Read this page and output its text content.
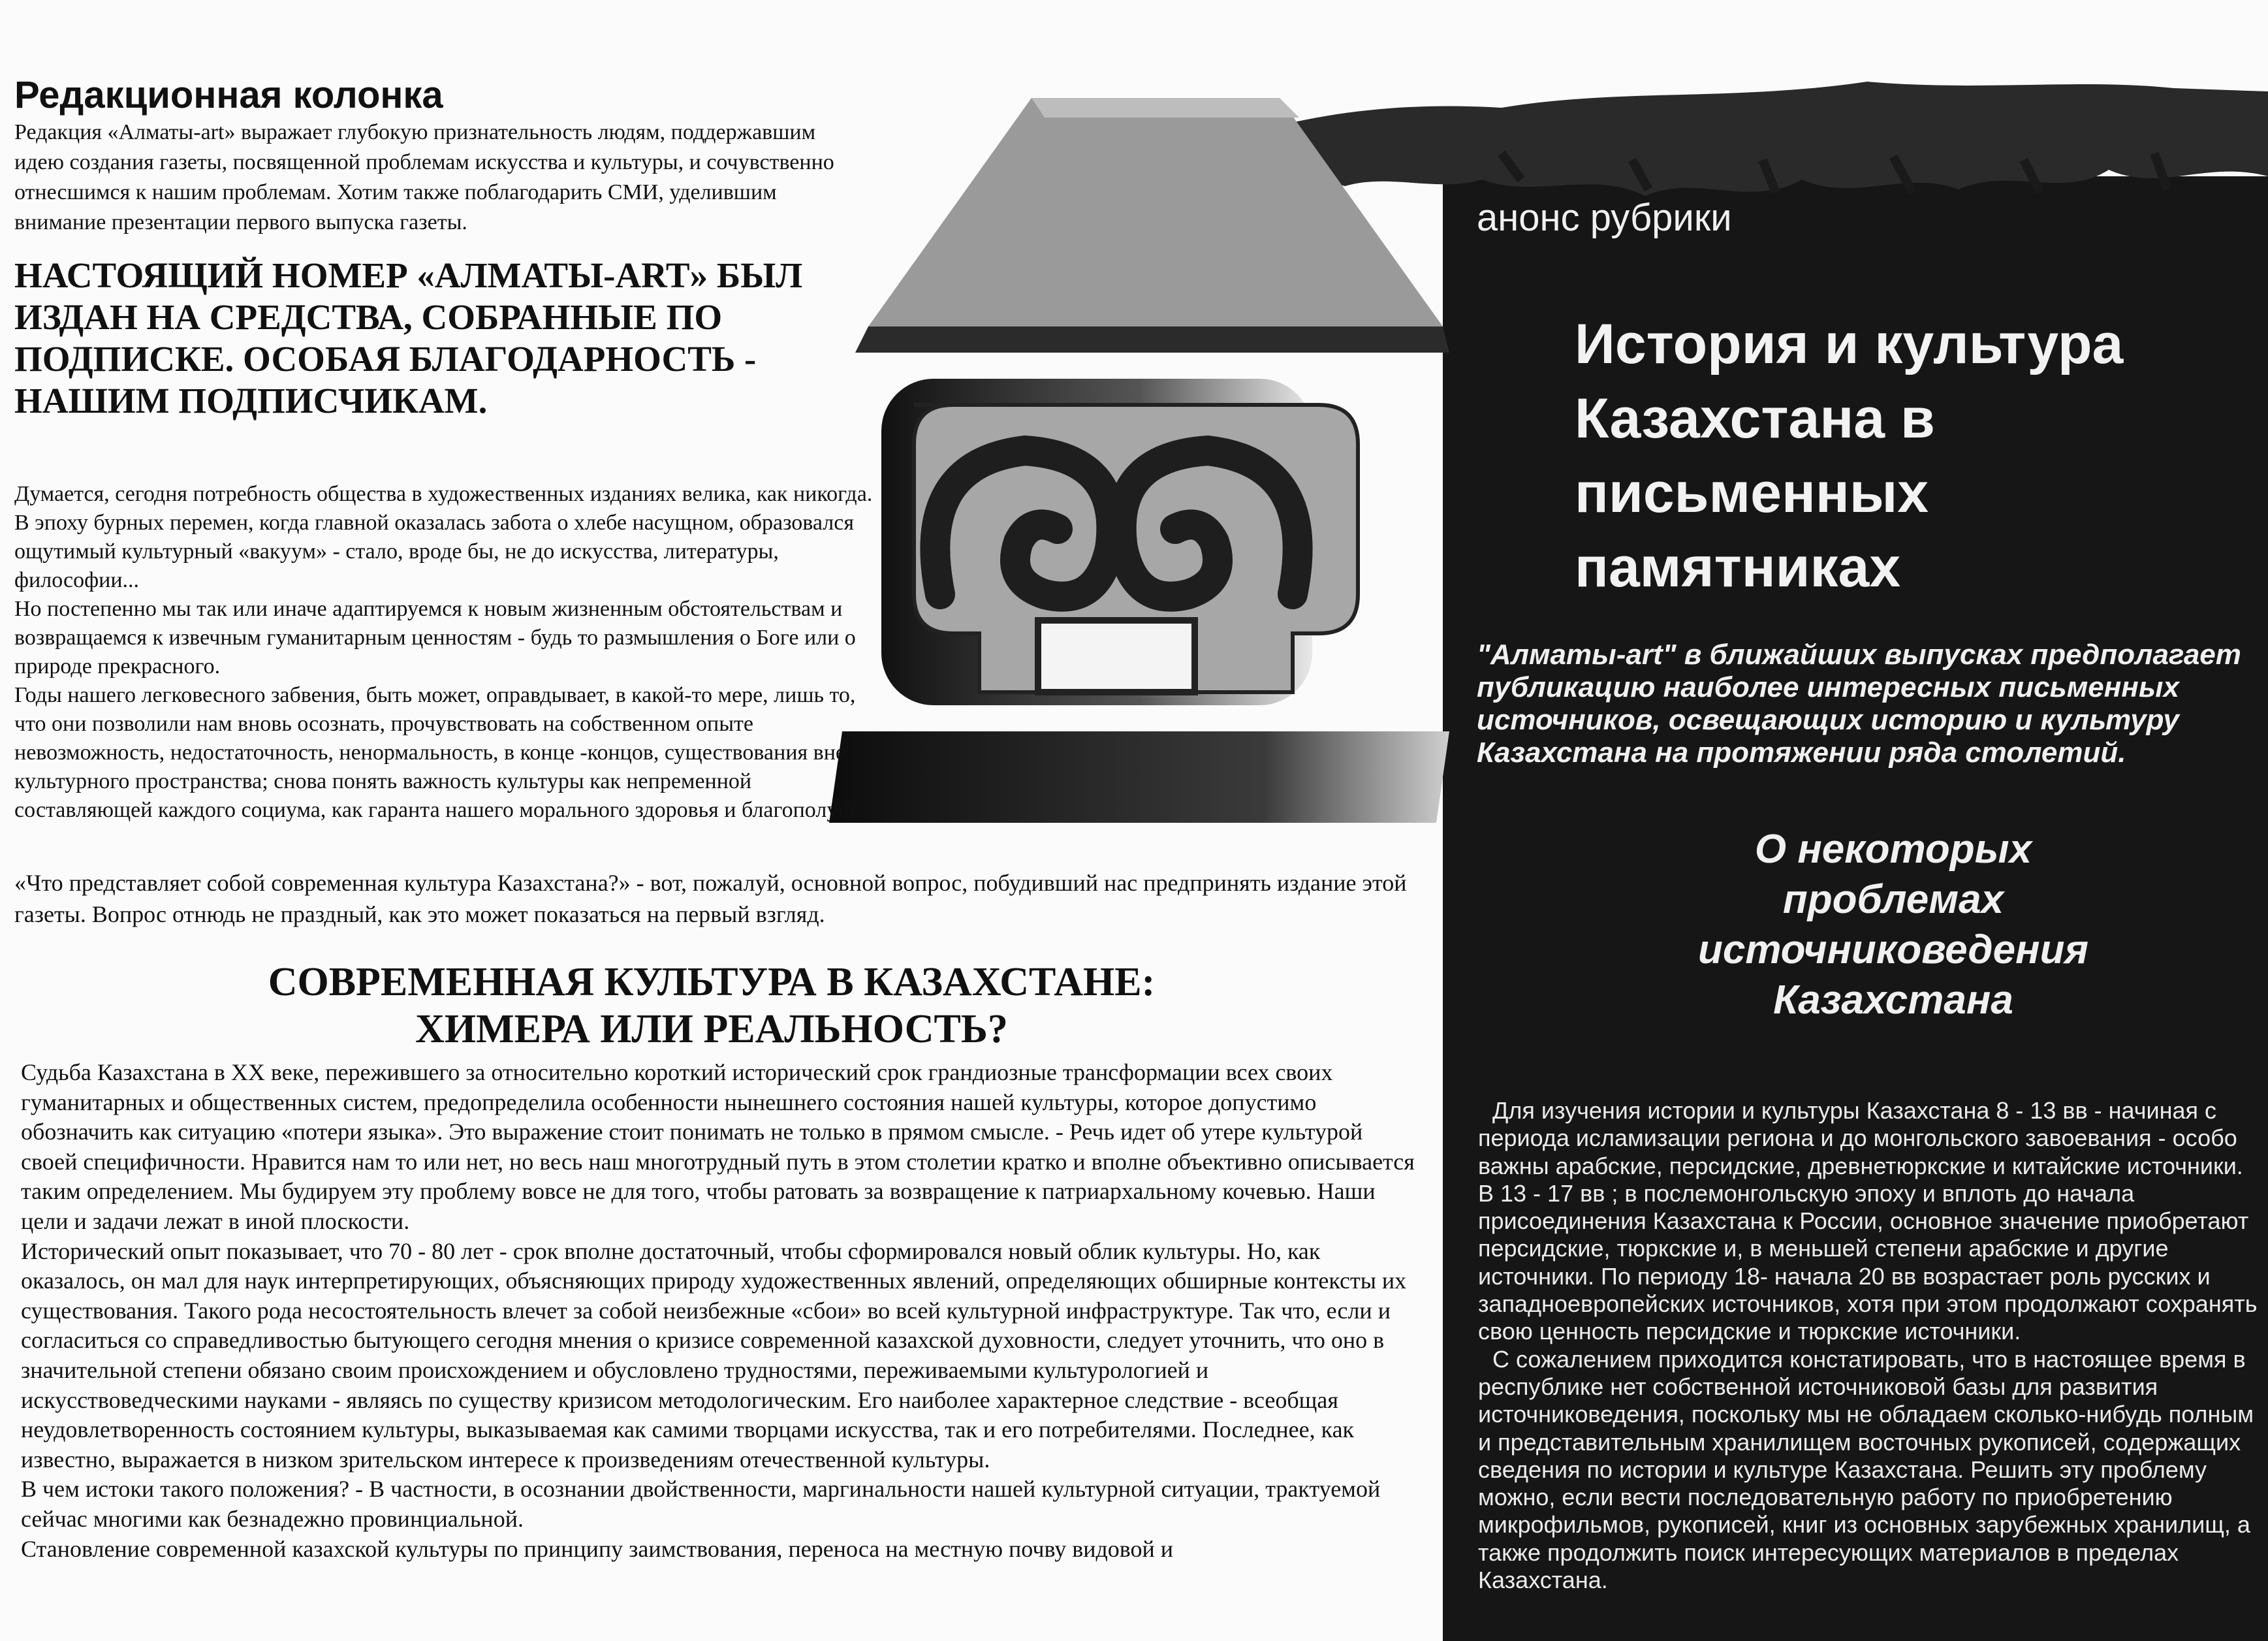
Редакционная колонка
Редакция «Алматы-art» выражает глубокую признательность людям, поддержавшим идею создания газеты, посвященной проблемам искусства и культуры, и сочувственно отнесшимся к нашим проблемам. Хотим также поблагодарить СМИ, уделившим внимание презентации первого выпуска газеты.
НАСТОЯЩИЙ НОМЕР «АЛМАТЫ-ART» БЫЛ ИЗДАН НА СРЕДСТВА, СОБРАННЫЕ ПО ПОДПИСКЕ. ОСОБАЯ БЛАГОДАРНОСТЬ - НАШИМ ПОДПИСЧИКАМ.

Думается, сегодня потребность общества в художественных изданиях велика, как никогда. В эпоху бурных перемен, когда главной оказалась забота о хлебе насущном, образовался ощутимый культурный «вакуум» - стало, вроде бы, не до искусства, литературы, философии...

Но постепенно мы так или иначе адаптируемся к новым жизненным обстоятельствам и возвращаемся к извечным гуманитарным ценностям - будь то размышления о Боге или о природе прекрасного.

Годы нашего легковесного забвения, быть может, оправдывает, в какой-то мере, лишь то, что они позволили нам вновь осознать, прочувствовать на собственном опыте невозможность, недостаточность, ненормальность, в конце -концов, существования вне культурного пространства; снова понять важность культуры как непременной составляющей каждого социума, как гаранта нашего морального здоровья и благополучия.

«Что представляет собой современная культура Казахстана?» - вот, пожалуй, основной вопрос, побудивший нас предпринять издание этой газеты. Вопрос отнюдь не праздный, как это может показаться на первый взгляд.
СОВРЕМЕННАЯ КУЛЬТУРА В КАЗАХСТАНЕ:
ХИМЕРА ИЛИ РЕАЛЬНОСТЬ?

Судьба Казахстана в ХХ веке, пережившего за относительно короткий исторический срок грандиозные трансформации всех своих гуманитарных и общественных систем, предопределила особенности нынешнего состояния нашей культуры, которое допустимо обозначить как ситуацию «потери языка». Это выражение стоит понимать не только в прямом смысле. - Речь идет об утере культурой своей специфичности. Нравится нам то или нет, но весь наш многотрудный путь в этом столетии кратко и вполне объективно описывается таким определением. Мы будируем эту проблему вовсе не для того, чтобы ратовать за возвращение к патриархальному кочевью. Наши цели и задачи лежат в иной плоскости.

Исторический опыт показывает, что 70 - 80 лет - срок вполне достаточный, чтобы сформировался новый облик культуры. Но, как оказалось, он мал для наук интерпретирующих, объясняющих природу художественных явлений, определяющих обширные контексты их существования. Такого рода несостоятельность влечет за собой неизбежные «сбои» во всей культурной инфраструктуре. Так что, если и согласиться со справедливостью бытующего сегодня мнения о кризисе современной казахской духовности, следует уточнить, что оно в значительной степени обязано своим происхождением и обусловлено трудностями, переживаемыми культурологией и искусствоведческими науками - являясь по существу кризисом методологическим. Его наиболее характерное следствие - всеобщая неудовлетворенность состоянием культуры, выказываемая как самими творцами искусства, так и его потребителями. Последнее, как известно, выражается в низком зрительском интересе к произведениям отечественной культуры.

В чем истоки такого положения? - В частности, в осознании двойственности, маргинальности нашей культурной ситуации, трактуемой сейчас многими как безнадежно провинциальной.

Становление современной казахской культуры по принципу заимствования, переноса на местную почву видовой и

анонс рубрики
История и культура
Казахстана в
письменных
памятниках
"Алматы-art" в ближайших выпусках предполагает публикацию наиболее интересных письменных источников, освещающих историю и культуру Казахстана на протяжении ряда столетий.
О некоторых
проблемах
источниковедения
Казахстана

Для изучения истории и культуры Казахстана 8 - 13 вв - начиная с периода исламизации региона и до монгольского завоевания - особо важны арабские, персидские, древнетюркские и китайские источники. В 13 - 17 вв ; в послемонгольскую эпоху и вплоть до начала присоединения Казахстана к России, основное значение приобретают персидские, тюркские и, в меньшей степени арабские и другие источники. По периоду 18- начала 20 вв возрастает роль русских и западноевропейских источников, хотя при этом продолжают сохранять свою ценность персидские и тюркские источники.

С сожалением приходится констатировать, что в настоящее время в республике нет собственной источниковой базы для развития источниковедения, поскольку мы не обладаем сколько-нибудь полным и представительным хранилищем восточных рукописей, содержащих сведения по истории и культуре Казахстана. Решить эту проблему можно, если вести последовательную работу по приобретению микрофильмов, рукописей, книг из основных зарубежных хранилищ, а также продолжить поиск интересующих материалов в пределах Казахстана.
